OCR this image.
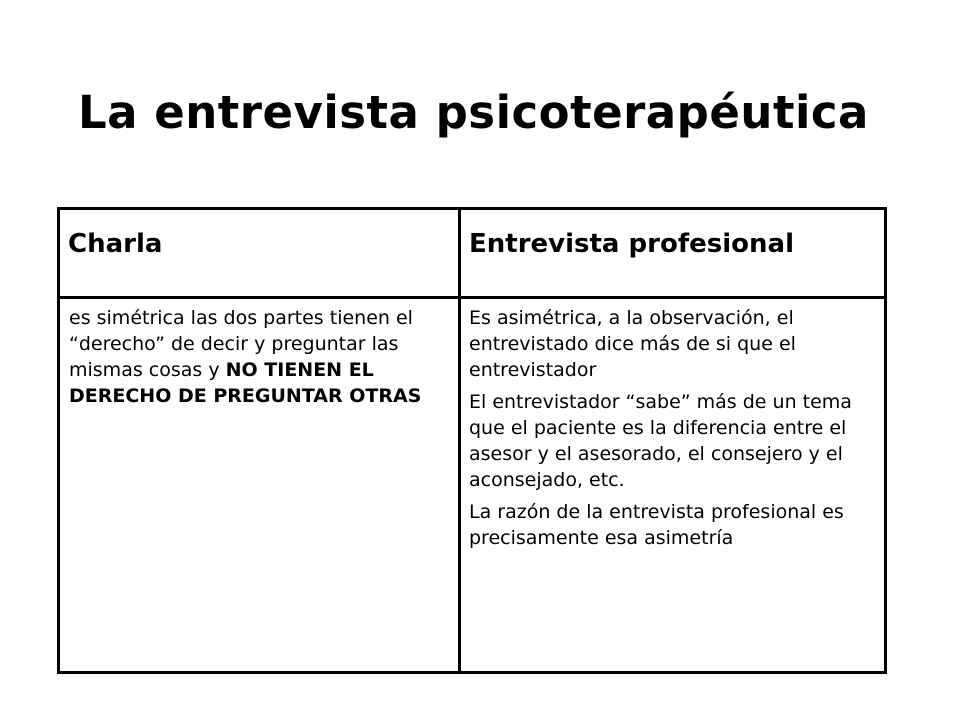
La entrevista psicoterapéutica
Charla	Entrevista profesional

es simétrica las dos partes tienen el “derecho” de decir y preguntar las mismas cosas y NO TIENEN EL DERECHO DE PREGUNTAR OTRAS	Es asimétrica, a la observación, el entrevistado dice más de si que el entrevistador

El entrevistador “sabe” más de un tema que el paciente es la diferencia entre el asesor y el asesorado, el consejero y el aconsejado, etc.

La razón de la entrevista profesional es precisamente esa asimetría
